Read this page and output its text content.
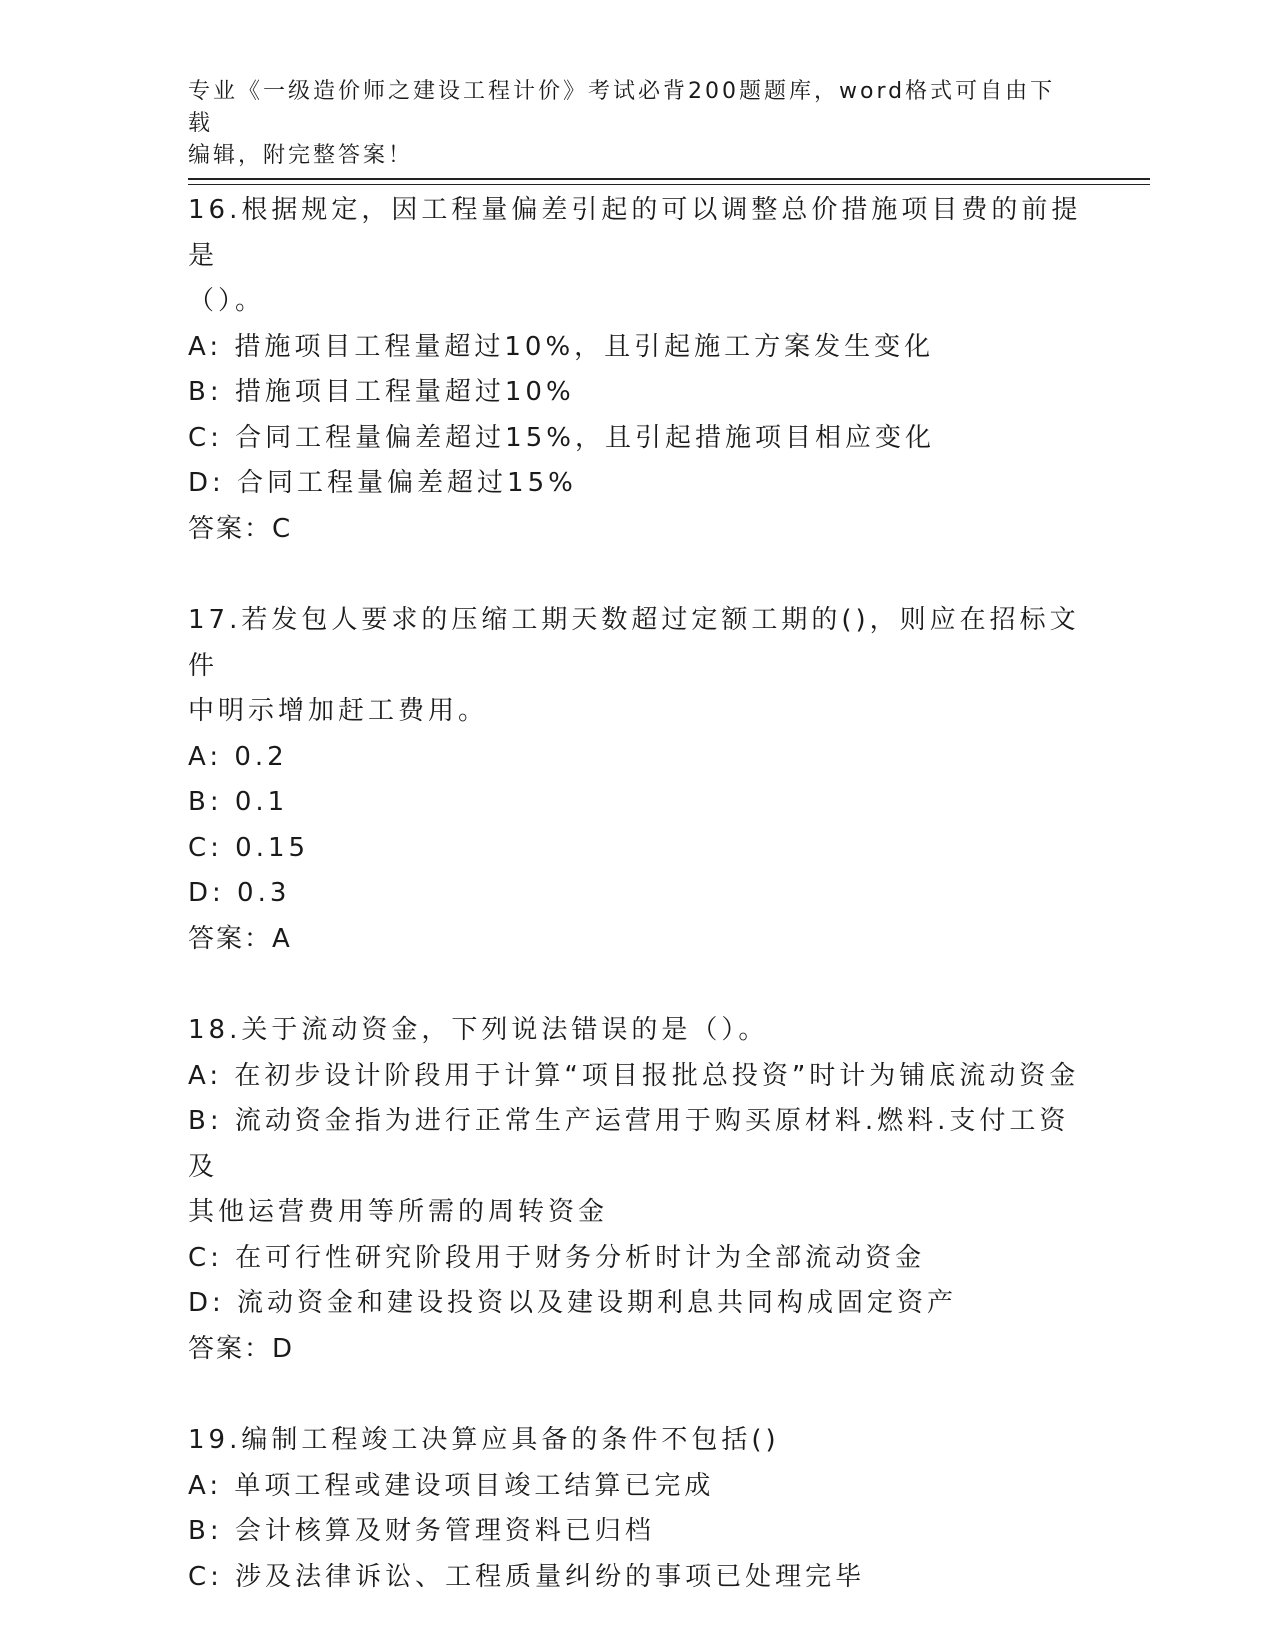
专业《一级造价师之建设工程计价》考试必背200题题库，word格式可自由下载
编辑，附完整答案！
16.根据规定，因工程量偏差引起的可以调整总价措施项目费的前提是
（）。
A: 措施项目工程量超过10%，且引起施工方案发生变化
B: 措施项目工程量超过10%
C: 合同工程量偏差超过15%，且引起措施项目相应变化
D: 合同工程量偏差超过15%
答案：C
17.若发包人要求的压缩工期天数超过定额工期的()，则应在招标文件
中明示增加赶工费用。
A: 0.2
B: 0.1
C: 0.15
D: 0.3
答案：A
18.关于流动资金，下列说法错误的是（）。
A: 在初步设计阶段用于计算“项目报批总投资”时计为铺底流动资金
B: 流动资金指为进行正常生产运营用于购买原材料.燃料.支付工资及
其他运营费用等所需的周转资金
C: 在可行性研究阶段用于财务分析时计为全部流动资金
D: 流动资金和建设投资以及建设期利息共同构成固定资产
答案：D
19.编制工程竣工决算应具备的条件不包括()
A: 单项工程或建设项目竣工结算已完成
B: 会计核算及财务管理资料已归档
C: 涉及法律诉讼、工程质量纠纷的事项已处理完毕
